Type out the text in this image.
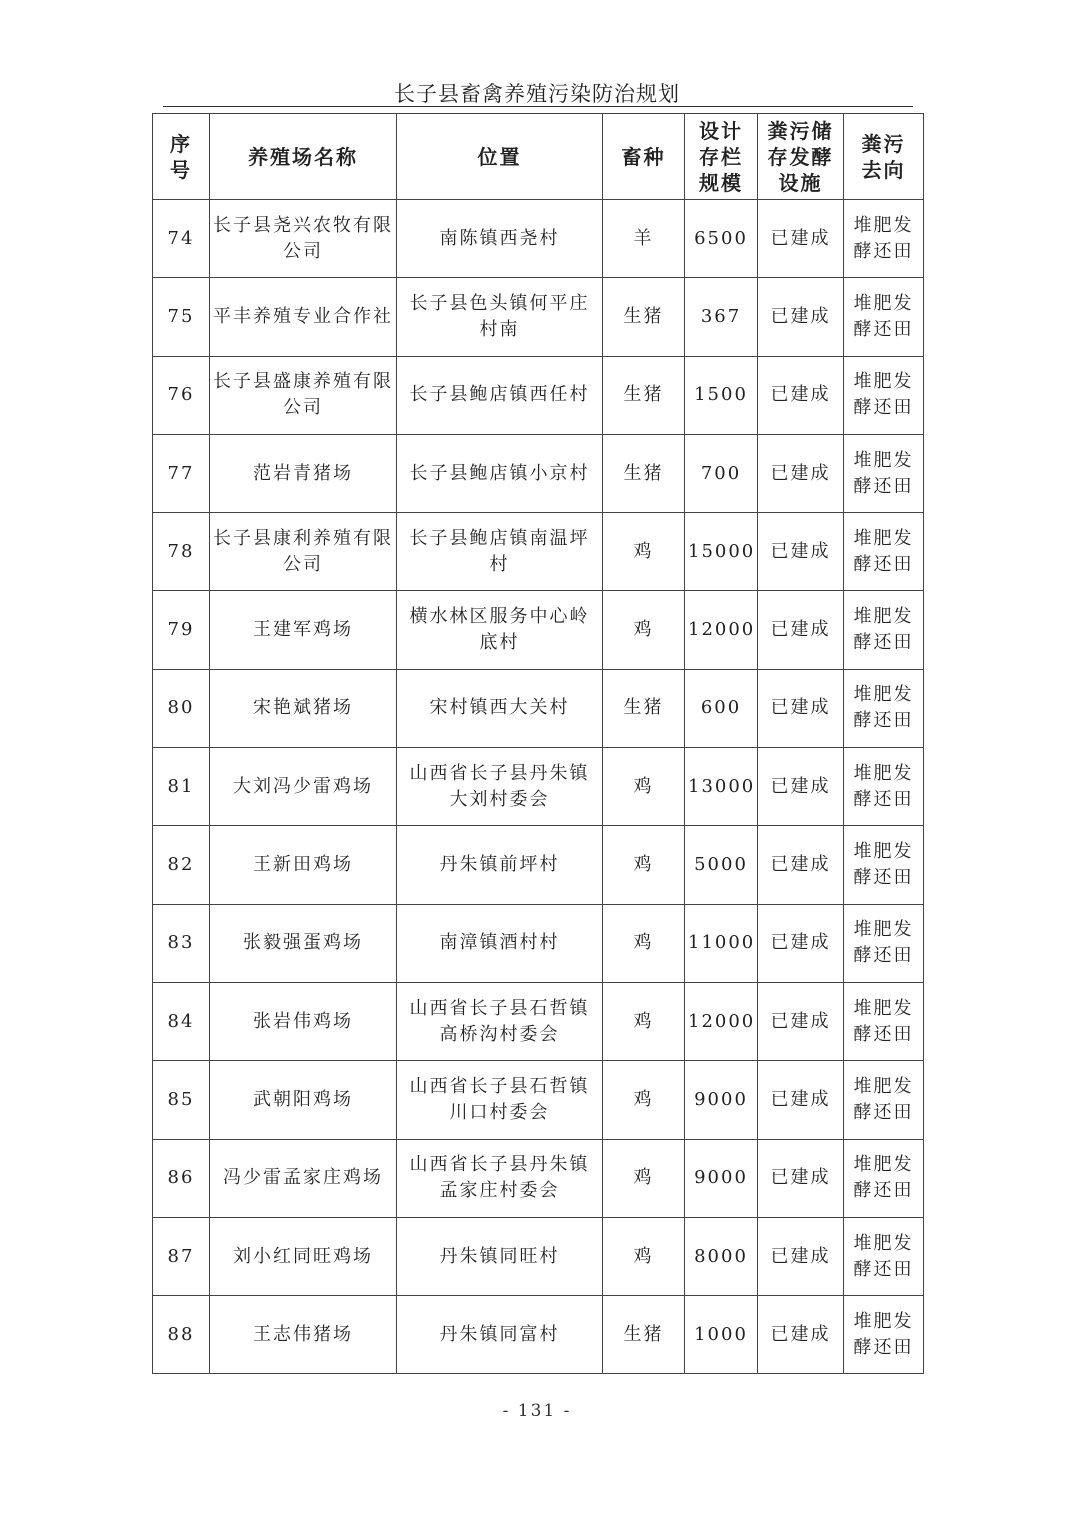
长子县畜禽养殖污染防治规划
序号	养殖场名称	位置	畜种	设计存栏规模	粪污储存发酵设施	粪污去向
74	长子县尧兴农牧有限公司	南陈镇西尧村	羊	6500	已建成	堆肥发酵还田
75	平丰养殖专业合作社	长子县色头镇何平庄村南	生猪	367	已建成	堆肥发酵还田
76	长子县盛康养殖有限公司	长子县鲍店镇西任村	生猪	1500	已建成	堆肥发酵还田
77	范岩青猪场	长子县鲍店镇小京村	生猪	700	已建成	堆肥发酵还田
78	长子县康利养殖有限公司	长子县鲍店镇南温坪村	鸡	15000	已建成	堆肥发酵还田
79	王建军鸡场	横水林区服务中心岭底村	鸡	12000	已建成	堆肥发酵还田
80	宋艳斌猪场	宋村镇西大关村	生猪	600	已建成	堆肥发酵还田
81	大刘冯少雷鸡场	山西省长子县丹朱镇大刘村委会	鸡	13000	已建成	堆肥发酵还田
82	王新田鸡场	丹朱镇前坪村	鸡	5000	已建成	堆肥发酵还田
83	张毅强蛋鸡场	南漳镇酒村村	鸡	11000	已建成	堆肥发酵还田
84	张岩伟鸡场	山西省长子县石哲镇高桥沟村委会	鸡	12000	已建成	堆肥发酵还田
85	武朝阳鸡场	山西省长子县石哲镇川口村委会	鸡	9000	已建成	堆肥发酵还田
86	冯少雷孟家庄鸡场	山西省长子县丹朱镇孟家庄村委会	鸡	9000	已建成	堆肥发酵还田
87	刘小红同旺鸡场	丹朱镇同旺村	鸡	8000	已建成	堆肥发酵还田
88	王志伟猪场	丹朱镇同富村	生猪	1000	已建成	堆肥发酵还田
- 131 -
